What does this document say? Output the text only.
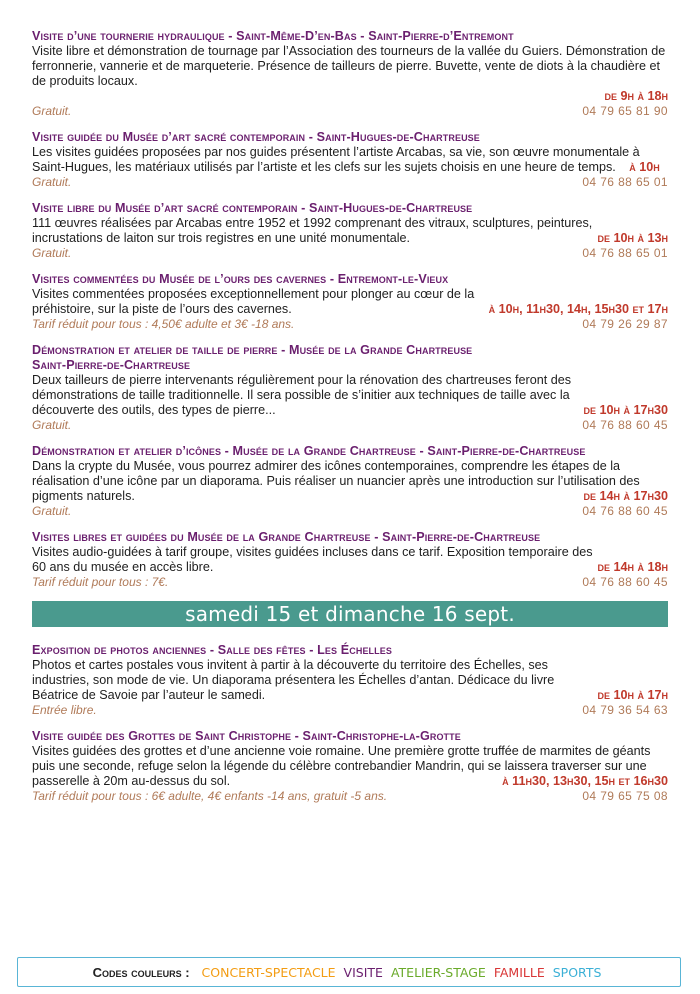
Visite d’une tournerie hydraulique - Saint-Même-D’en-Bas - Saint-Pierre-d’Entremont
Visite libre et démonstration de tournage par l’Association des tourneurs de la vallée du Guiers. Démonstration de ferronnerie, vannerie et de marqueterie. Présence de tailleurs de pierre. Buvette, vente de diots à la chaudière et de produits locaux.
de 9h à 18h
Gratuit.	04 79 65 81 90
Visite guidée du Musée d’art sacré contemporain - Saint-Hugues-de-Chartreuse
Les visites guidées proposées par nos guides présentent l’artiste Arcabas, sa vie, son œuvre monumentale à Saint-Hugues, les matériaux utilisés par l’artiste et les clefs sur les sujets choisis en une heure de temps. à 10h
Gratuit.	04 76 88 65 01
Visite libre du Musée d’art sacré contemporain - Saint-Hugues-de-Chartreuse
de 10h à 13h
111 œuvres réalisées par Arcabas entre 1952 et 1992 comprenant des vitraux, sculptures, peintures, incrustations de laiton sur trois registres en une unité monumentale.
Gratuit.	04 76 88 65 01
Visites commentées du Musée de l’ours des cavernes - Entremont-le-Vieux
à 10h, 11h30, 14h, 15h30 et 17h
Visites commentées proposées exceptionnellement pour plonger au cœur de la préhistoire, sur la piste de l’ours des cavernes.
Tarif réduit pour tous : 4,50€ adulte et 3€ -18 ans.	04 79 26 29 87
Démonstration et atelier de taille de pierre - Musée de la Grande Chartreuse
Saint-Pierre-de-Chartreuse
de 10h à 17h30
Deux tailleurs de pierre intervenants régulièrement pour la rénovation des chartreuses feront des démonstrations de taille traditionnelle. Il sera possible de s’initier aux techniques de taille avec la découverte des outils, des types de pierre...
Gratuit.	04 76 88 60 45
Démonstration et atelier d’icônes - Musée de la Grande Chartreuse - Saint-Pierre-de-Chartreuse
Dans la crypte du Musée, vous pourrez admirer des icônes contemporaines, comprendre les étapes de la réalisation d’une icône par un diaporama. Puis réaliser un nuancier après une introduction sur l’utilisation des pigments naturels.	de 14h à 17h30
Gratuit.	04 76 88 60 45
Visites libres et guidées du Musée de la Grande Chartreuse - Saint-Pierre-de-Chartreuse
de 14h à 18h
Visites audio-guidées à tarif groupe, visites guidées incluses dans ce tarif. Exposition temporaire des 60 ans du musée en accès libre.
Tarif réduit pour tous : 7€.	04 76 88 60 45
samedi 15 et dimanche 16 sept.
Exposition de photos anciennes - Salle des fêtes - Les Échelles
de 10h à 17h
Photos et cartes postales vous invitent à partir à la découverte du territoire des Échelles, ses industries, son mode de vie. Un diaporama présentera les Échelles d’antan. Dédicace du livre Béatrice de Savoie par l’auteur le samedi.
Entrée libre.	04 79 36 54 63
Visite guidée des Grottes de Saint Christophe - Saint-Christophe-la-Grotte
Visites guidées des grottes et d’une ancienne voie romaine. Une première grotte truffée de marmites de géants puis une seconde, refuge selon la légende du célèbre contrebandier Mandrin, qui se laissera traverser sur une passerelle à 20m au-dessus du sol.	à 11h30, 13h30, 15h et 16h30
Tarif réduit pour tous : 6€ adulte, 4€ enfants -14 ans, gratuit -5 ans.	04 79 65 75 08
Codes couleurs : CONCERT-SPECTACLE VISITE ATELIER-STAGE FAMILLE SPORTS
